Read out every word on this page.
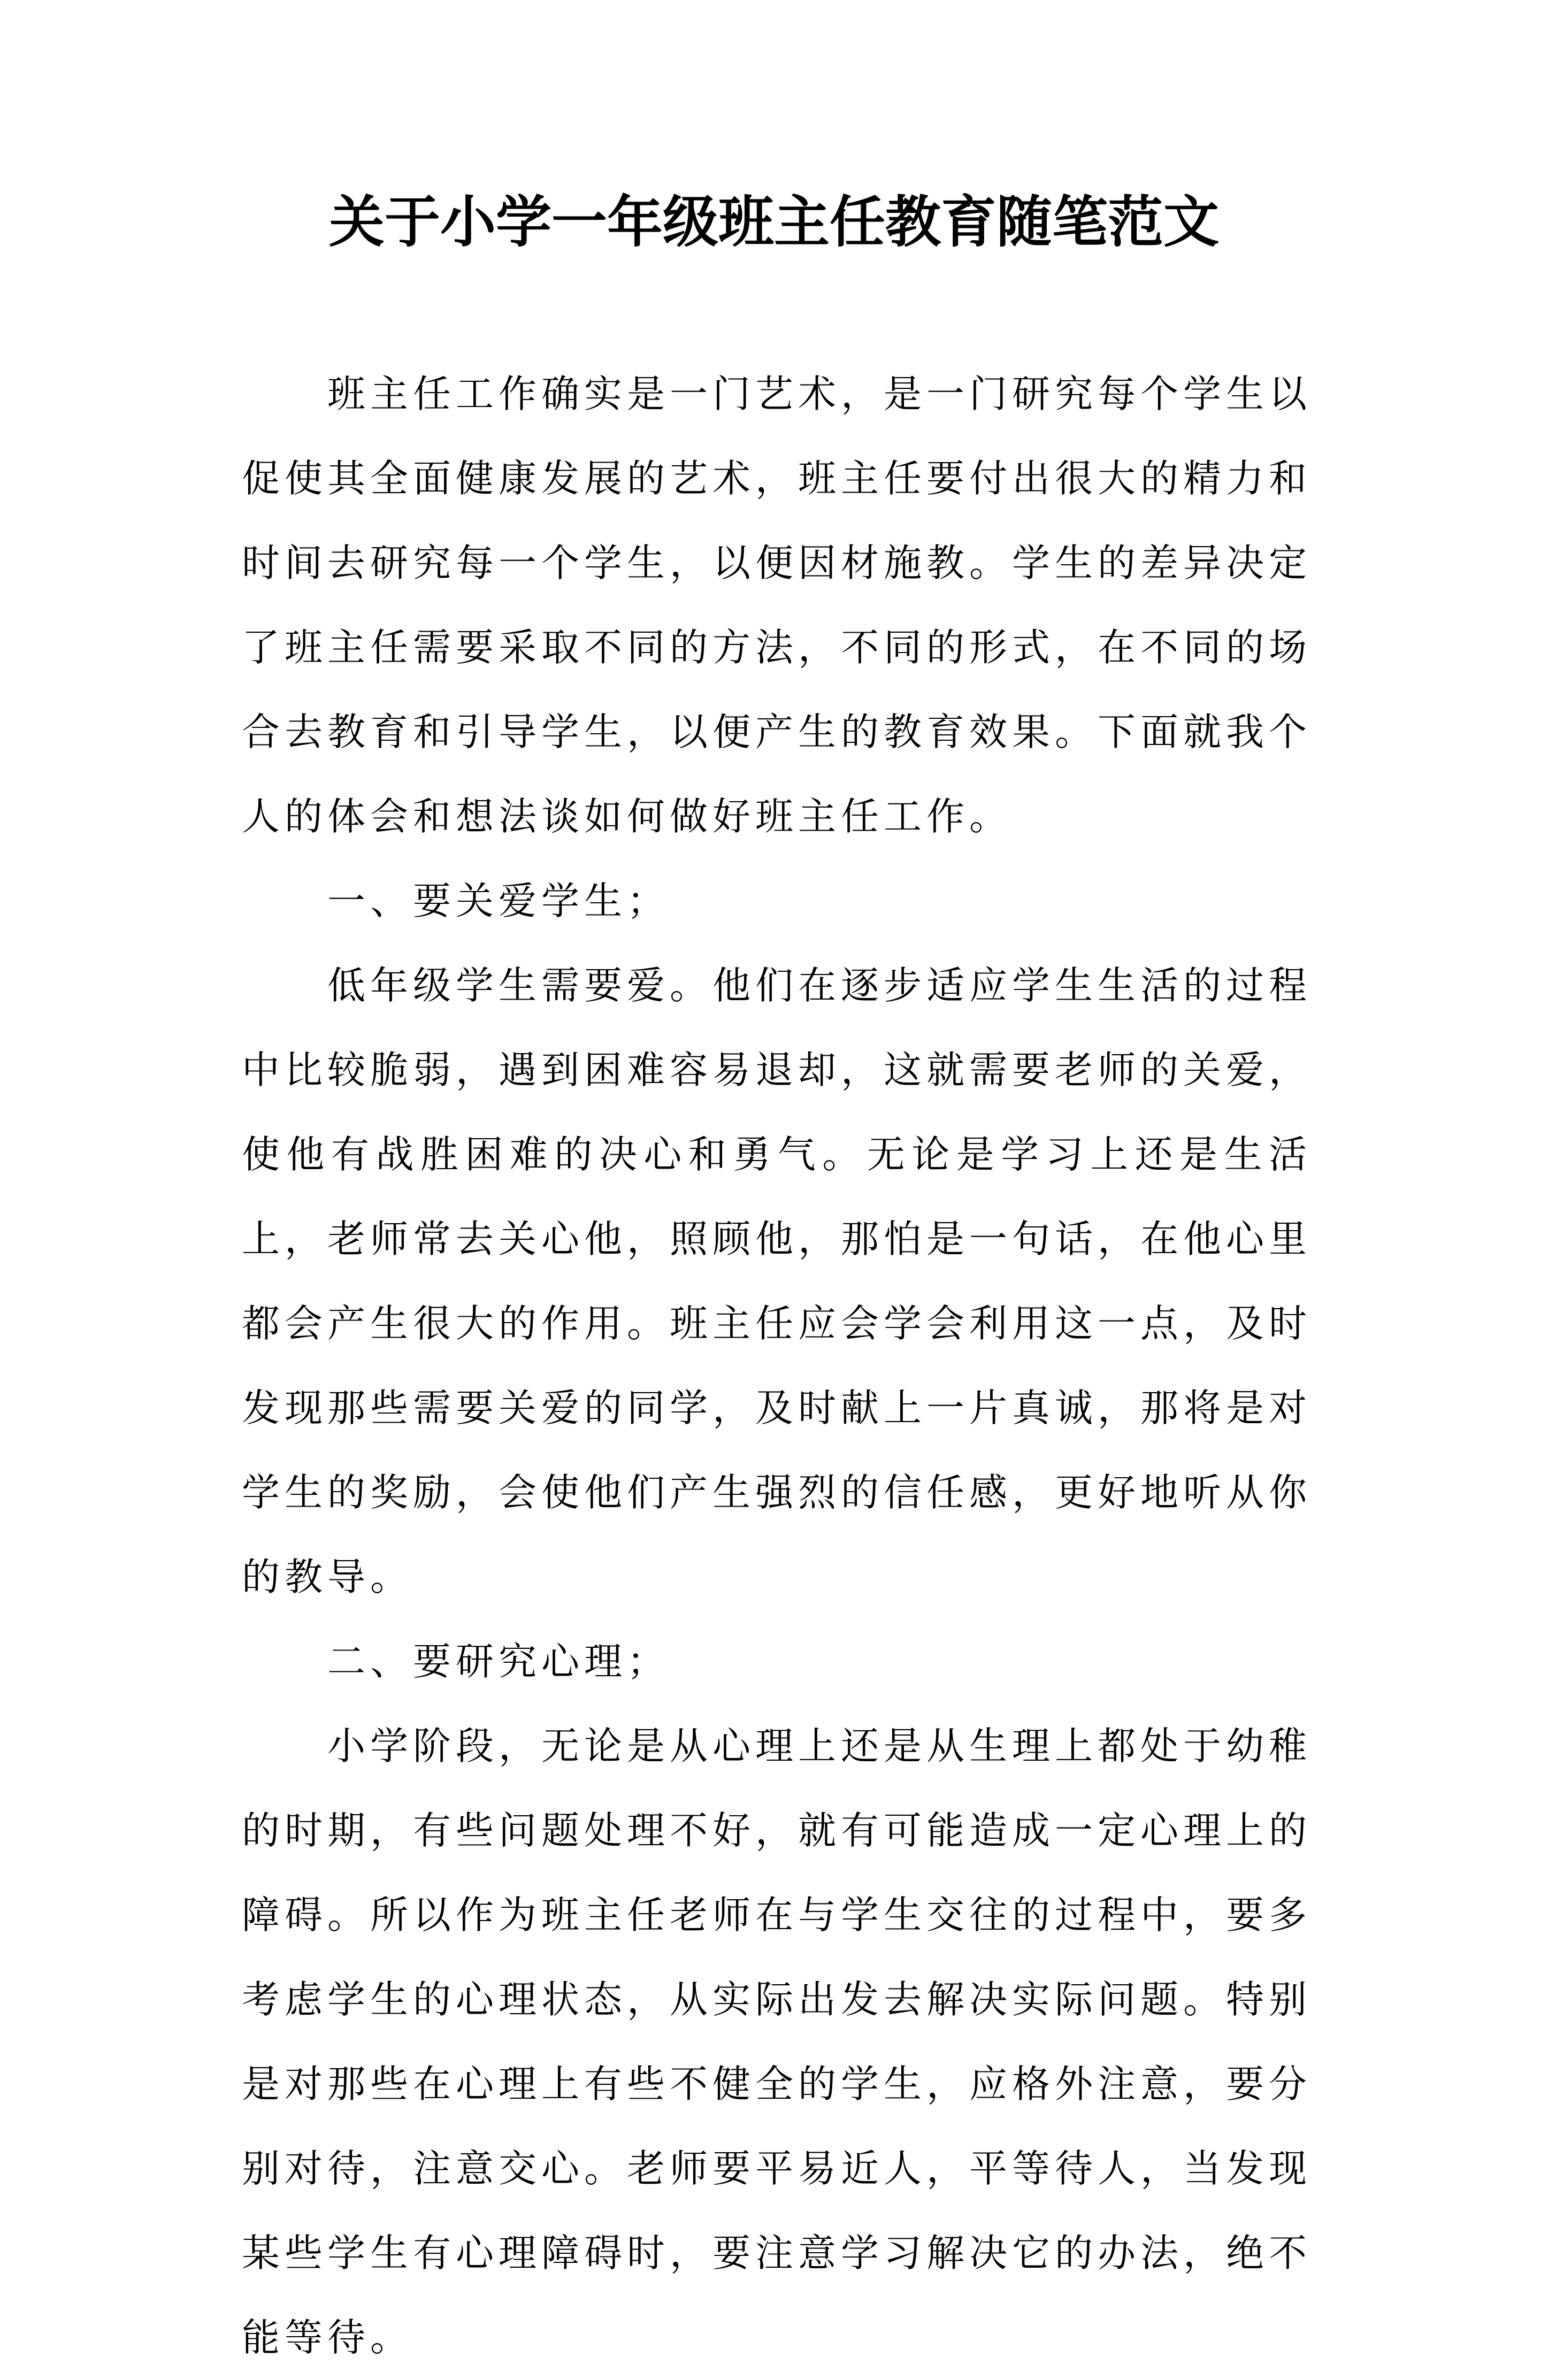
关于小学一年级班主任教育随笔范文

班主任工作确实是一门艺术，是一门研究每个学生以促使其全面健康发展的艺术，班主任要付出很大的精力和时间去研究每一个学生，以便因材施教。学生的差异决定了班主任需要采取不同的方法，不同的形式，在不同的场合去教育和引导学生，以便产生的教育效果。下面就我个人的体会和想法谈如何做好班主任工作。

一、要关爱学生；

低年级学生需要爱。他们在逐步适应学生生活的过程中比较脆弱，遇到困难容易退却，这就需要老师的关爱，使他有战胜困难的决心和勇气。无论是学习上还是生活上，老师常去关心他，照顾他，那怕是一句话，在他心里都会产生很大的作用。班主任应会学会利用这一点，及时发现那些需要关爱的同学，及时献上一片真诚，那将是对学生的奖励，会使他们产生强烈的信任感，更好地听从你的教导。

二、要研究心理；

小学阶段，无论是从心理上还是从生理上都处于幼稚的时期，有些问题处理不好，就有可能造成一定心理上的障碍。所以作为班主任老师在与学生交往的过程中，要多考虑学生的心理状态，从实际出发去解决实际问题。特别是对那些在心理上有些不健全的学生，应格外注意，要分别对待，注意交心。老师要平易近人，平等待人，当发现某些学生有心理障碍时，要注意学习解决它的办法，绝不能等待。
